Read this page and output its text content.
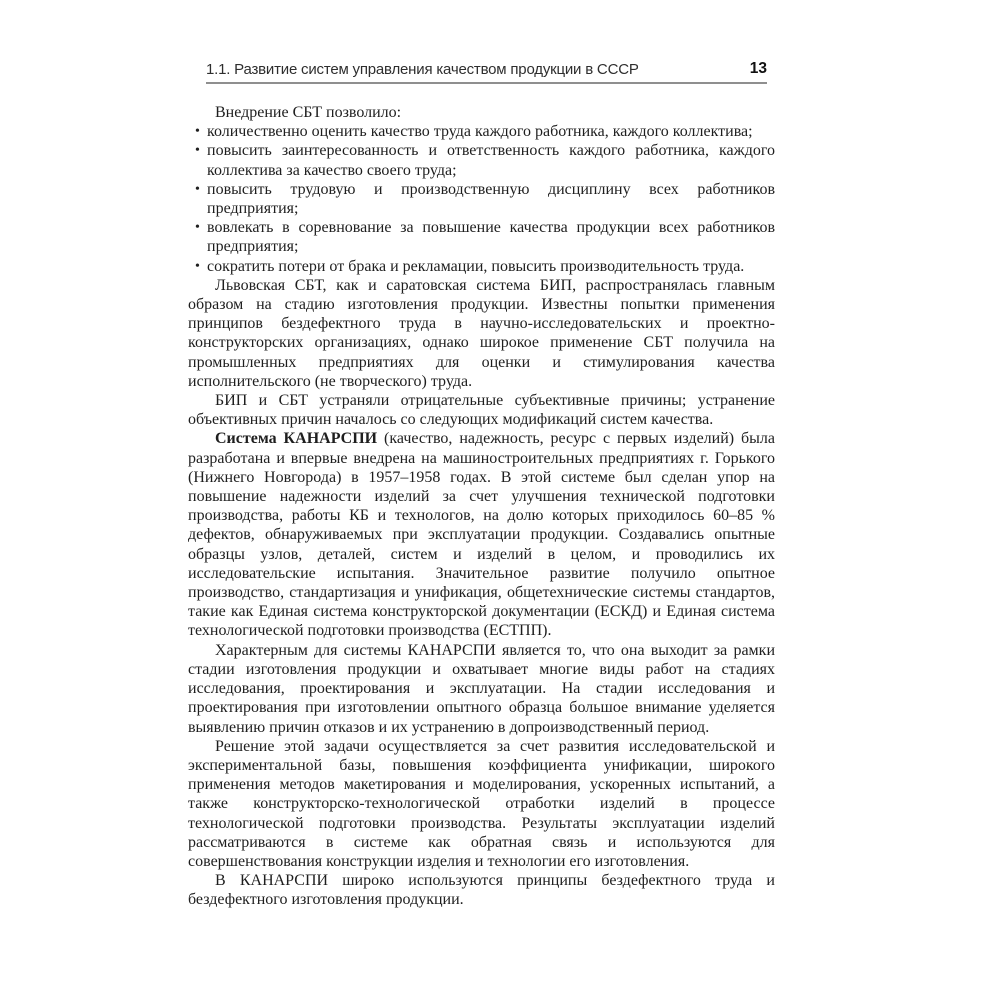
1.1. Развитие систем управления качеством продукции в СССР	13

Внедрение СБТ позволило:

• количественно оценить качество труда каждого работника, каждого коллектива;
• повысить заинтересованность и ответственность каждого работника, каждого коллектива за качество своего труда;
• повысить трудовую и производственную дисциплину всех работников предприятия;
• вовлекать в соревнование за повышение качества продукции всех работников предприятия;
• сократить потери от брака и рекламации, повысить производительность труда.

Львовская СБТ, как и саратовская система БИП, распространялась главным образом на стадию изготовления продукции. Известны попытки применения принципов бездефектного труда в научно-исследовательских и проектно-конструкторских организациях, однако широкое применение СБТ получила на промышленных предприятиях для оценки и стимулирования качества исполнительского (не творческого) труда.

БИП и СБТ устраняли отрицательные субъективные причины; устранение объективных причин началось со следующих модификаций систем качества.

Система КАНАРСПИ (качество, надежность, ресурс с первых изделий) была разработана и впервые внедрена на машиностроительных предприятиях г. Горького (Нижнего Новгорода) в 1957–1958 годах. В этой системе был сделан упор на повышение надежности изделий за счет улучшения технической подготовки производства, работы КБ и технологов, на долю которых приходилось 60–85 % дефектов, обнаруживаемых при эксплуатации продукции. Создавались опытные образцы узлов, деталей, систем и изделий в целом, и проводились их исследовательские испытания. Значительное развитие получило опытное производство, стандартизация и унификация, общетехнические системы стандартов, такие как Единая система конструкторской документации (ЕСКД) и Единая система технологической подготовки производства (ЕСТПП).

Характерным для системы КАНАРСПИ является то, что она выходит за рамки стадии изготовления продукции и охватывает многие виды работ на стадиях исследования, проектирования и эксплуатации. На стадии исследования и проектирования при изготовлении опытного образца большое внимание уделяется выявлению причин отказов и их устранению в допроизводственный период.

Решение этой задачи осуществляется за счет развития исследовательской и экспериментальной базы, повышения коэффициента унификации, широкого применения методов макетирования и моделирования, ускоренных испытаний, а также конструкторско-технологической отработки изделий в процессе технологической подготовки производства. Результаты эксплуатации изделий рассматриваются в системе как обратная связь и используются для совершенствования конструкции изделия и технологии его изготовления.

В КАНАРСПИ широко используются принципы бездефектного труда и бездефектного изготовления продукции.
